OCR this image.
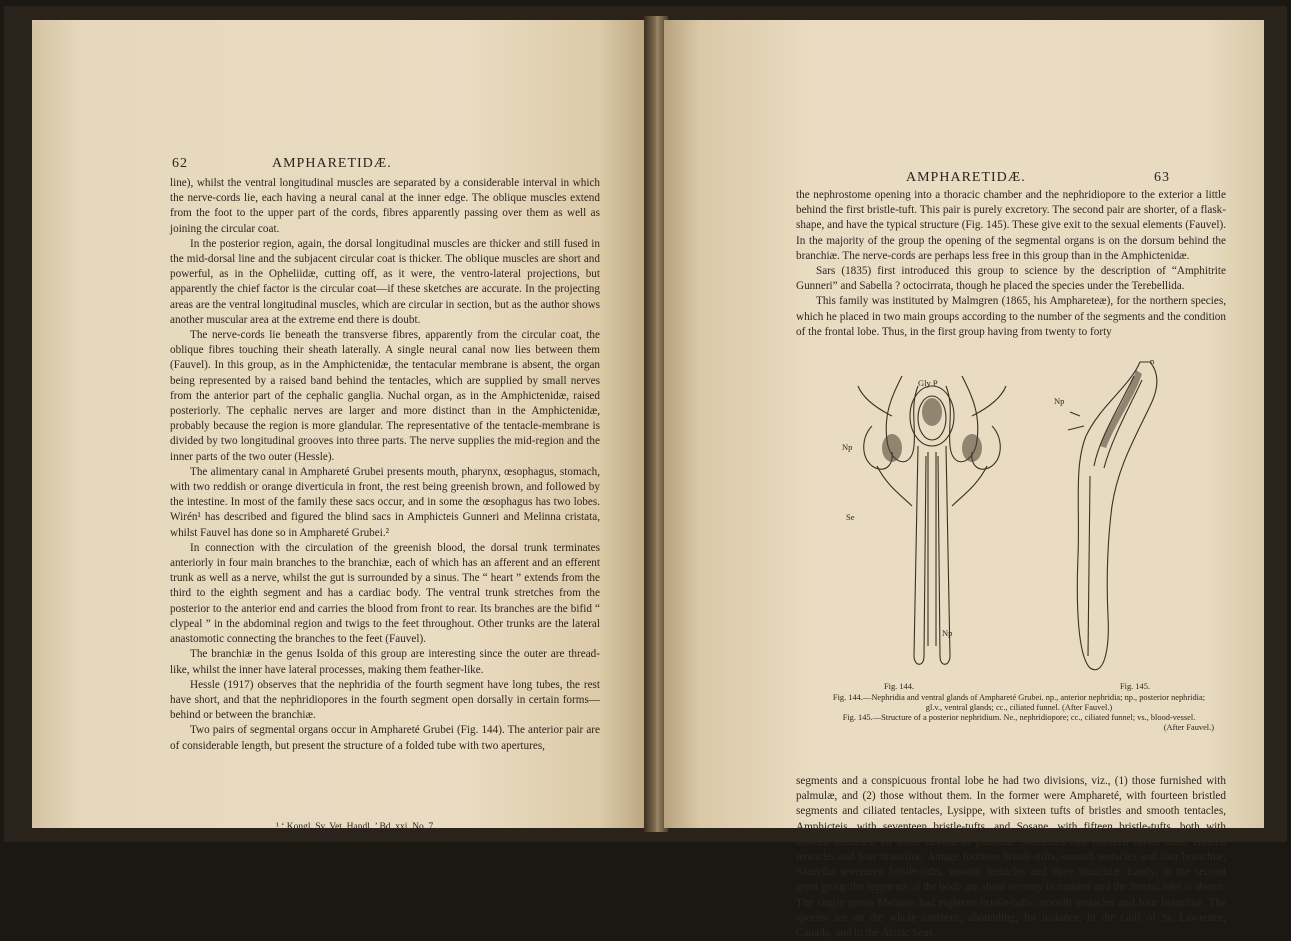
62	AMPHARETIDÆ.

line), whilst the ventral longitudinal muscles are separated by a considerable interval in which the nerve-cords lie, each having a neural canal at the inner edge. The oblique muscles extend from the foot to the upper part of the cords, fibres apparently passing over them as well as joining the circular coat.

In the posterior region, again, the dorsal longitudinal muscles are thicker and still fused in the mid-dorsal line and the subjacent circular coat is thicker. The oblique muscles are short and powerful, as in the Opheliidæ, cutting off, as it were, the ventro-lateral projections, but apparently the chief factor is the circular coat—if these sketches are accurate. In the projecting areas are the ventral longitudinal muscles, which are circular in section, but as the author shows another muscular area at the extreme end there is doubt.

The nerve-cords lie beneath the transverse fibres, apparently from the circular coat, the oblique fibres touching their sheath laterally. A single neural canal now lies between them (Fauvel). In this group, as in the Amphictenidæ, the tentacular membrane is absent, the organ being represented by a raised band behind the tentacles, which are supplied by small nerves from the anterior part of the cephalic ganglia. Nuchal organ, as in the Amphictenidæ, raised posteriorly. The cephalic nerves are larger and more distinct than in the Amphictenidæ, probably because the region is more glandular. The representative of the tentacle-membrane is divided by two longitudinal grooves into three parts. The nerve supplies the mid-region and the inner parts of the two outer (Hessle).

The alimentary canal in Amphareté Grubei presents mouth, pharynx, œsophagus, stomach, with two reddish or orange diverticula in front, the rest being greenish brown, and followed by the intestine. In most of the family these sacs occur, and in some the œsophagus has two lobes. Wirén¹ has described and figured the blind sacs in Amphicteis Gunneri and Melinna cristata, whilst Fauvel has done so in Amphareté Grubei.²

In connection with the circulation of the greenish blood, the dorsal trunk terminates anteriorly in four main branches to the branchiæ, each of which has an afferent and an efferent trunk as well as a nerve, whilst the gut is surrounded by a sinus. The “ heart ” extends from the third to the eighth segment and has a cardiac body. The ventral trunk stretches from the posterior to the anterior end and carries the blood from front to rear. Its branches are the bifid “ clypeal ” in the abdominal region and twigs to the feet throughout. Other trunks are the lateral anastomotic connecting the branches to the feet (Fauvel).

The branchiæ in the genus Isolda of this group are interesting since the outer are thread-like, whilst the inner have lateral processes, making them feather-like.

Hessle (1917) observes that the nephridia of the fourth segment have long tubes, the rest have short, and that the nephridiopores in the fourth segment open dorsally in certain forms—behind or between the branchiæ.

Two pairs of segmental organs occur in Amphareté Grubei (Fig. 144). The anterior pair are of considerable length, but present the structure of a folded tube with two apertures,

¹ ‘ Kongl. Sv. Vet. Handl.,’ Bd. xxi, No. 7.
² ‘ Bull. scientif. France et Belgique,’ t. xxx.
AMPHARETIDÆ.	63

the nephrostome opening into a thoracic chamber and the nephridiopore to the exterior a little behind the first bristle-tuft. This pair is purely excretory. The second pair are shorter, of a flask-shape, and have the typical structure (Fig. 145). These give exit to the sexual elements (Fauvel). In the majority of the group the opening of the segmental organs is on the dorsum behind the branchiæ. The nerve-cords are perhaps less free in this group than in the Amphictenidæ.

Sars (1835) first introduced this group to science by the description of “Amphitrite Gunneri” and Sabella ? octocirrata, though he placed the species under the Terebellida.

This family was instituted by Malmgren (1865, his Amphareteæ), for the northern species, which he placed in two main groups according to the number of the segments and the condition of the frontal lobe. Thus, in the first group having from twenty to forty

Gly P
Np
Se
Np
n
Np

Fig. 144.	Fig. 145.

Fig. 144.—Nephridia and ventral glands of Amphareté Grubei. np., anterior nephridia; np., posterior nephridia; gl.v., ventral glands; cc., ciliated funnel. (After Fauvel.)

Fig. 145.—Structure of a posterior nephridium. Ne., nephridiopore; cc., ciliated funnel; vs., blood-vessel.

(After Fauvel.)

segments and a conspicuous frontal lobe he had two divisions, viz., (1) those furnished with palmulæ, and (2) those without them. In the former were Amphareté, with fourteen bristled segments and ciliated tentacles, Lysippe, with sixteen tufts of bristles and smooth tentacles, Amphicteis, with seventeen bristle-tufts, and Sosane, with fifteen bristle-tufts, both with smooth tentacles. Of those devoid of palmulæ Sabellides had fourteen bristle-tufts, ciliated tentacles and four branchiæ, Amage fourteen bristle-tufts, smooth tentacles and four branchiæ, Samytha seventeen bristle-tufts, smooth tentacles and three branchiæ. Lastly, in the second great group the segments of the body are about seventy in number and the frontal lobe is absent. The single genus Melinna had eighteen bristle-tufts, smooth tentacles and four branchiæ. The species are on the whole northern, abounding, for instance, in the Gulf of St. Lawrence, Canada, and in the Arctic Seas.
